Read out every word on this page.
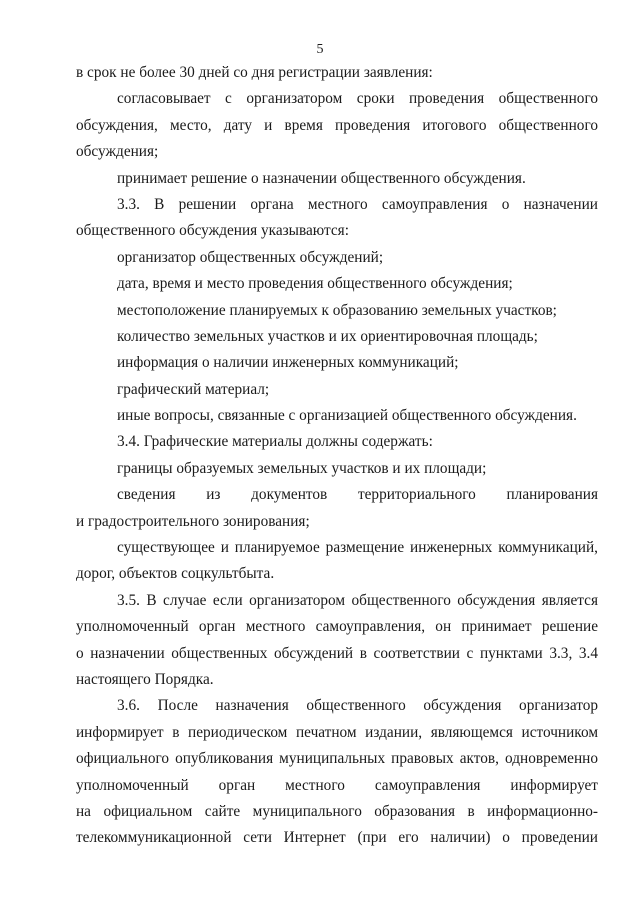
5
в срок не более 30 дней со дня регистрации заявления:
согласовывает с организатором сроки проведения общественного
обсуждения, место, дату и время проведения итогового общественного
обсуждения;
принимает решение о назначении общественного обсуждения.
3.3. В решении органа местного самоуправления о назначении
общественного обсуждения указываются:
организатор общественных обсуждений;
дата, время и место проведения общественного обсуждения;
местоположение планируемых к образованию земельных участков;
количество земельных участков и их ориентировочная площадь;
информация о наличии инженерных коммуникаций;
графический материал;
иные вопросы, связанные с организацией общественного обсуждения.
3.4. Графические материалы должны содержать:
границы образуемых земельных участков и их площади;
сведения из документов территориального планирования
и градостроительного зонирования;
существующее и планируемое размещение инженерных коммуникаций,
дорог, объектов соцкультбыта.
3.5. В случае если организатором общественного обсуждения является
уполномоченный орган местного самоуправления, он принимает решение
о назначении общественных обсуждений в соответствии с пунктами 3.3, 3.4
настоящего Порядка.
3.6. После назначения общественного обсуждения организатор
информирует в периодическом печатном издании, являющемся источником
официального опубликования муниципальных правовых актов, одновременно
уполномоченный орган местного самоуправления информирует
на официальном сайте муниципального образования в информационно-
телекоммуникационной сети Интернет (при его наличии) о проведении
